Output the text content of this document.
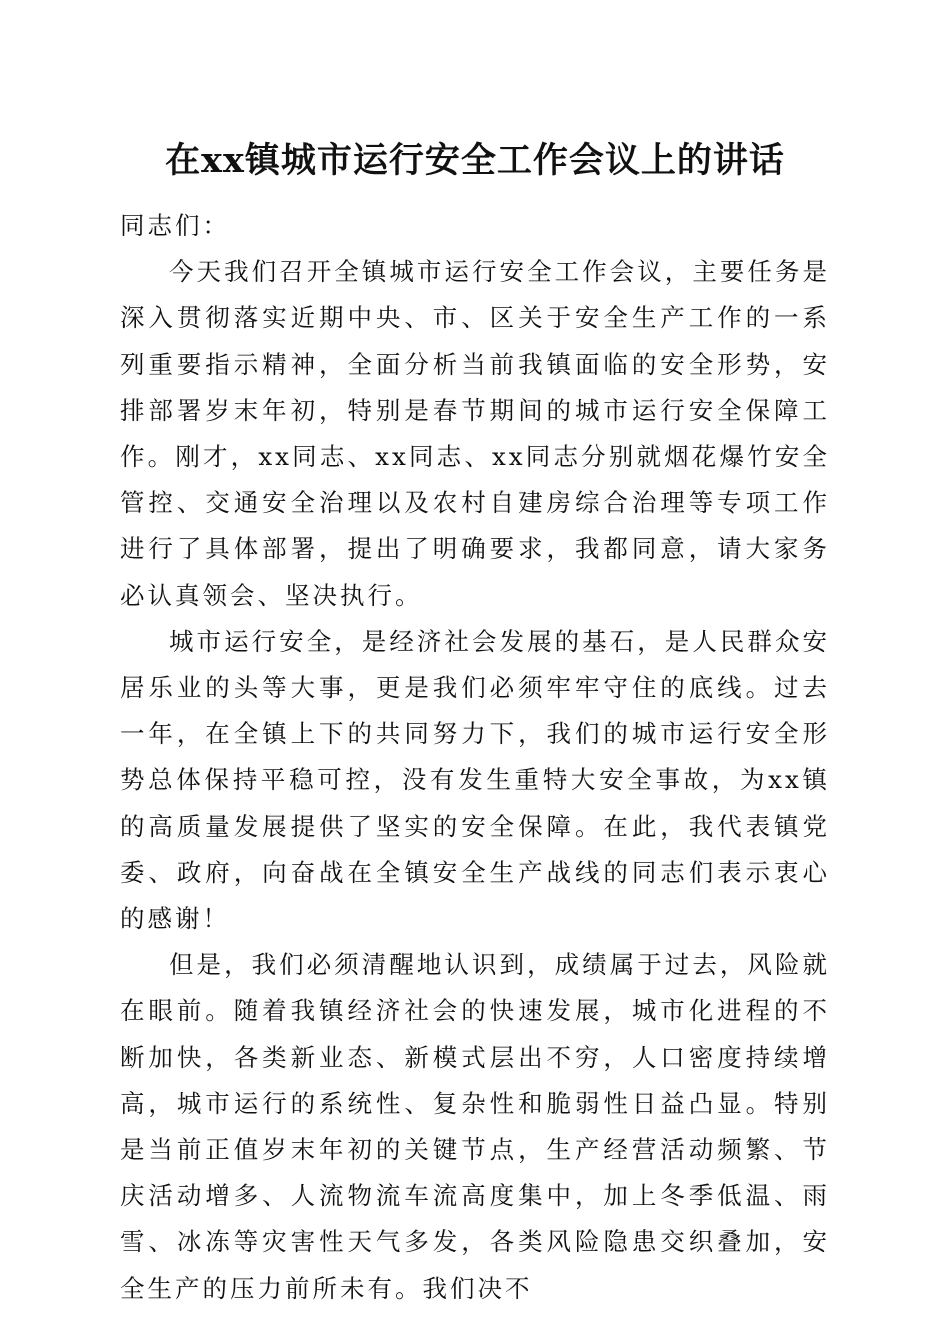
在xx镇城市运行安全工作会议上的讲话

同志们：

今天我们召开全镇城市运行安全工作会议，主要任务是深入贯彻落实近期中央、市、区关于安全生产工作的一系列重要指示精神，全面分析当前我镇面临的安全形势，安排部署岁末年初，特别是春节期间的城市运行安全保障工作。刚才，xx同志、xx同志、xx同志分别就烟花爆竹安全管控、交通安全治理以及农村自建房综合治理等专项工作进行了具体部署，提出了明确要求，我都同意，请大家务必认真领会、坚决执行。

城市运行安全，是经济社会发展的基石，是人民群众安居乐业的头等大事，更是我们必须牢牢守住的底线。过去一年，在全镇上下的共同努力下，我们的城市运行安全形势总体保持平稳可控，没有发生重特大安全事故，为xx镇的高质量发展提供了坚实的安全保障。在此，我代表镇党委、政府，向奋战在全镇安全生产战线的同志们表示衷心的感谢！

但是，我们必须清醒地认识到，成绩属于过去，风险就在眼前。随着我镇经济社会的快速发展，城市化进程的不断加快，各类新业态、新模式层出不穷，人口密度持续增高，城市运行的系统性、复杂性和脆弱性日益凸显。特别是当前正值岁末年初的关键节点，生产经营活动频繁、节庆活动增多、人流物流车流高度集中，加上冬季低温、雨雪、冰冻等灾害性天气多发，各类风险隐患交织叠加，安全生产的压力前所未有。我们决不
